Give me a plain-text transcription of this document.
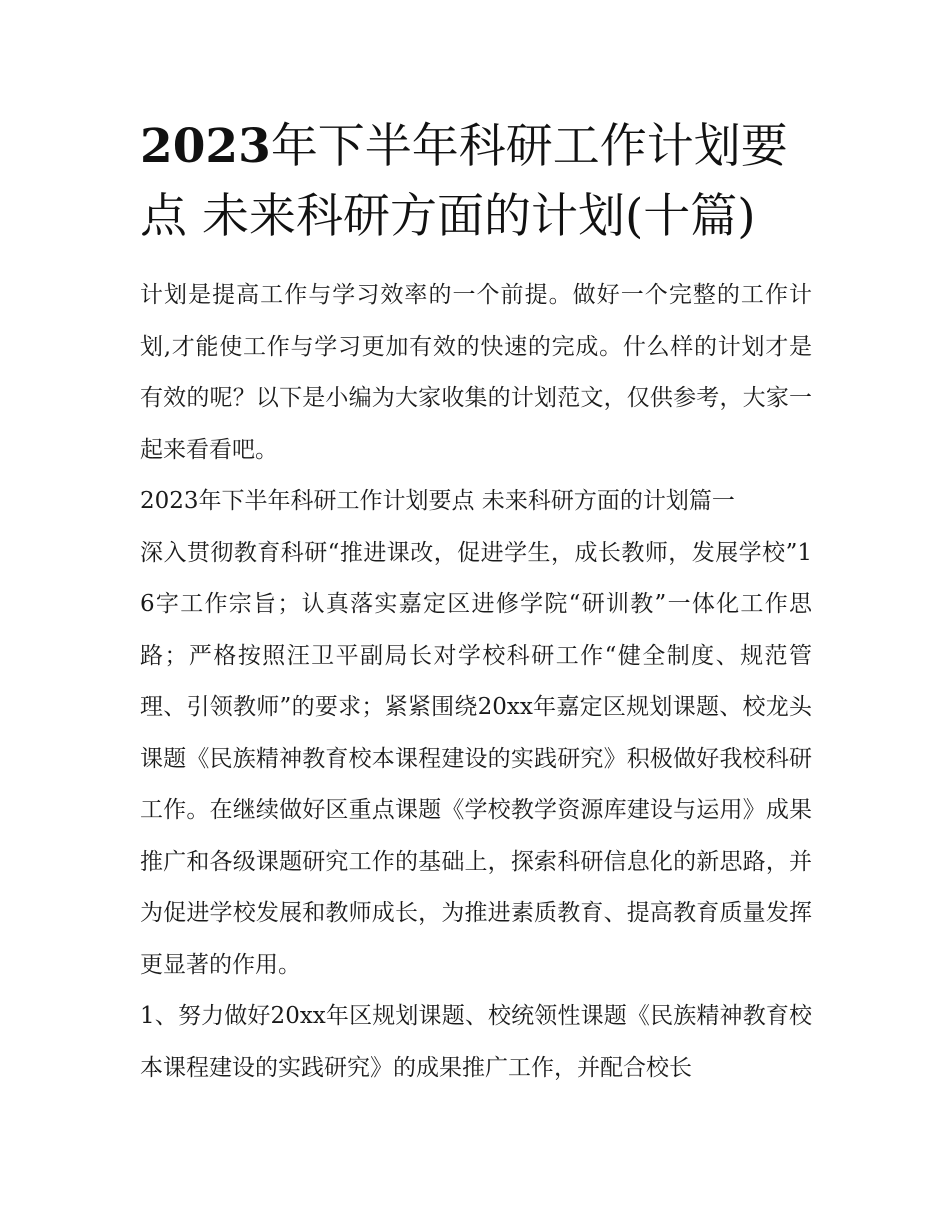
2023年下半年科研工作计划要点 未来科研方面的计划(十篇)

计划是提高工作与学习效率的一个前提。做好一个完整的工作计划,才能使工作与学习更加有效的快速的完成。什么样的计划才是有效的呢？以下是小编为大家收集的计划范文，仅供参考，大家一起来看看吧。

2023年下半年科研工作计划要点 未来科研方面的计划篇一

深入贯彻教育科研“推进课改，促进学生，成长教师，发展学校”16字工作宗旨；认真落实嘉定区进修学院“研训教”一体化工作思路；严格按照汪卫平副局长对学校科研工作“健全制度、规范管理、引领教师”的要求；紧紧围绕20xx年嘉定区规划课题、校龙头课题《民族精神教育校本课程建设的实践研究》积极做好我校科研工作。在继续做好区重点课题《学校教学资源库建设与运用》成果推广和各级课题研究工作的基础上，探索科研信息化的新思路，并为促进学校发展和教师成长，为推进素质教育、提高教育质量发挥更显著的作用。

1、努力做好20xx年区规划课题、校统领性课题《民族精神教育校本课程建设的实践研究》的成果推广工作，并配合校长
